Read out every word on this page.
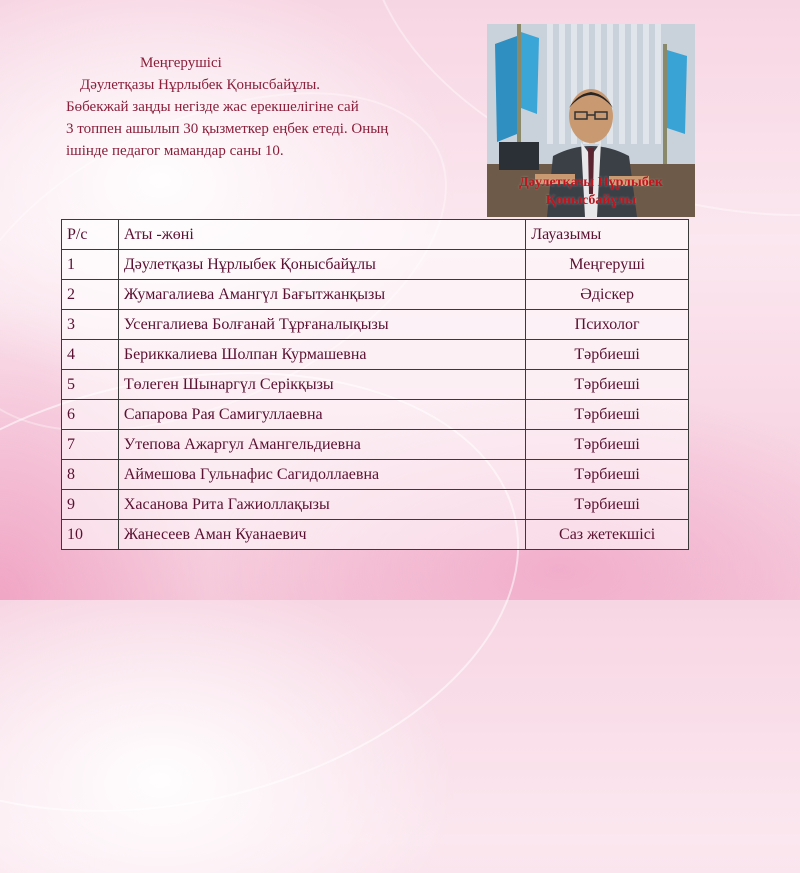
Меңгерушісі
Дәулетқазы Нұрлыбек Қонысбайұлы.
Бөбекжай заңды негізде жас ерекшелігіне сай
3 топпен ашылып 30 қызметкер еңбек етеді. Оның
ішінде педагог мамандар саны 10.
Дәулетқазы Нұрлыбек
Қонысбайұлы
Р/с	Аты -жөні	Лауазымы
1	Дәулетқазы Нұрлыбек Қонысбайұлы	Меңгеруші
2	Жумагалиева Амангүл Бағытжанқызы	Әдіскер
3	Усенгалиева Болғанай Тұрғаналықызы	Психолог
4	Бериккалиева Шолпан Курмашевна	Тәрбиеші
5	Төлеген Шынаргүл Серікқызы	Тәрбиеші
6	Сапарова Рая Самигуллаевна	Тәрбиеші
7	Утепова Ажаргул Амангельдиевна	Тәрбиеші
8	Аймешова Гульнафис Сагидоллаевна	Тәрбиеші
9	Хасанова Рита Гажиоллақызы	Тәрбиеші
10	Жанесеев Аман Куанаевич	Саз жетекшісі
